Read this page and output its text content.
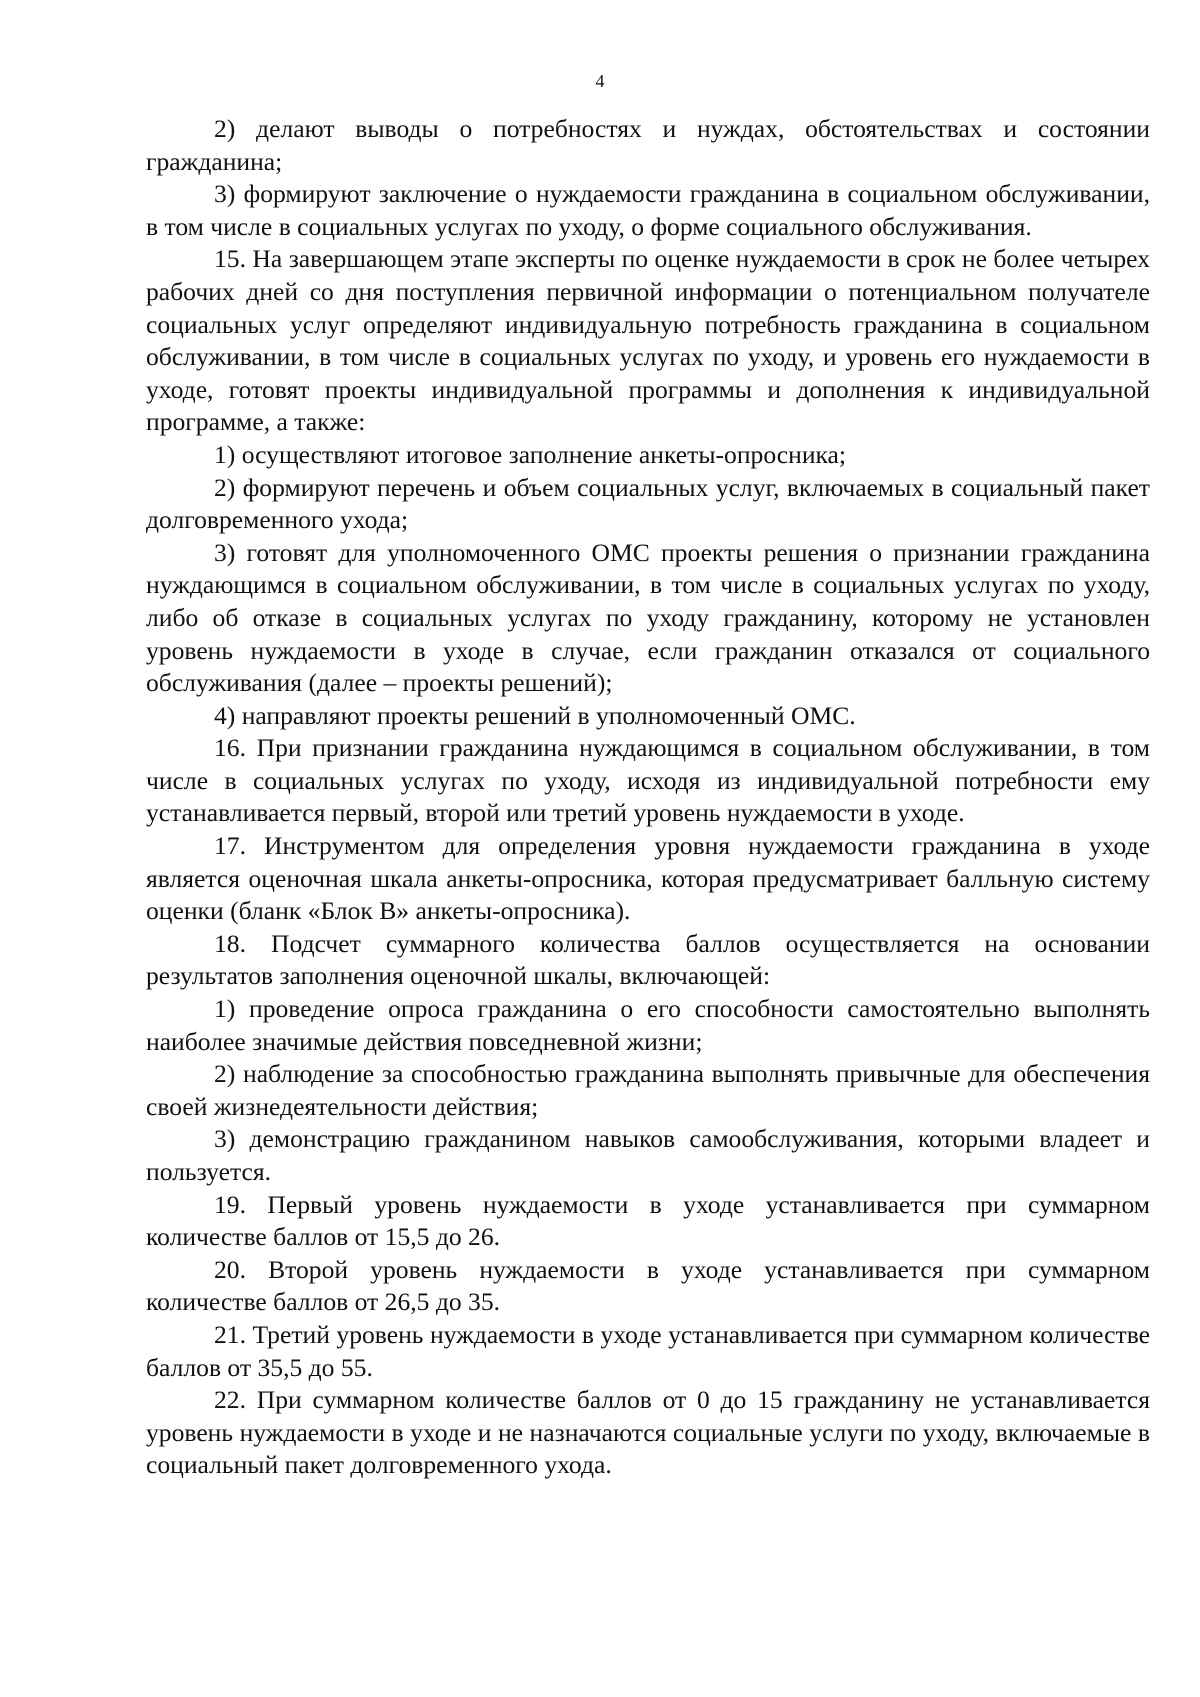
4

2) делают выводы о потребностях и нуждах, обстоятельствах и состоянии гражданина;

3) формируют заключение о нуждаемости гражданина в социальном обслуживании, в том числе в социальных услугах по уходу, о форме социального обслуживания.

15. На завершающем этапе эксперты по оценке нуждаемости в срок не более четырех рабочих дней со дня поступления первичной информации о потенциальном получателе социальных услуг определяют индивидуальную потребность гражданина в социальном обслуживании, в том числе в социальных услугах по уходу, и уровень его нуждаемости в уходе, готовят проекты индивидуальной программы и дополнения к индивидуальной программе, а также:

1) осуществляют итоговое заполнение анкеты-опросника;

2) формируют перечень и объем социальных услуг, включаемых в социальный пакет долговременного ухода;

3) готовят для уполномоченного ОМС проекты решения о признании гражданина нуждающимся в социальном обслуживании, в том числе в социальных услугах по уходу, либо об отказе в социальных услугах по уходу гражданину, которому не установлен уровень нуждаемости в уходе в случае, если гражданин отказался от социального обслуживания (далее – проекты решений);

4) направляют проекты решений в уполномоченный ОМС.

16. При признании гражданина нуждающимся в социальном обслуживании, в том числе в социальных услугах по уходу, исходя из индивидуальной потребности ему устанавливается первый, второй или третий уровень нуждаемости в уходе.

17. Инструментом для определения уровня нуждаемости гражданина в уходе является оценочная шкала анкеты-опросника, которая предусматривает балльную систему оценки (бланк «Блок В» анкеты-опросника).

18. Подсчет суммарного количества баллов осуществляется на основании результатов заполнения оценочной шкалы, включающей:

1) проведение опроса гражданина о его способности самостоятельно выполнять наиболее значимые действия повседневной жизни;

2) наблюдение за способностью гражданина выполнять привычные для обеспечения своей жизнедеятельности действия;

3) демонстрацию гражданином навыков самообслуживания, которыми владеет и пользуется.

19. Первый уровень нуждаемости в уходе устанавливается при суммарном количестве баллов от 15,5 до 26.

20. Второй уровень нуждаемости в уходе устанавливается при суммарном количестве баллов от 26,5 до 35.

21. Третий уровень нуждаемости в уходе устанавливается при суммарном количестве баллов от 35,5 до 55.

22. При суммарном количестве баллов от 0 до 15 гражданину не устанавливается уровень нуждаемости в уходе и не назначаются социальные услуги по уходу, включаемые в социальный пакет долговременного ухода.
